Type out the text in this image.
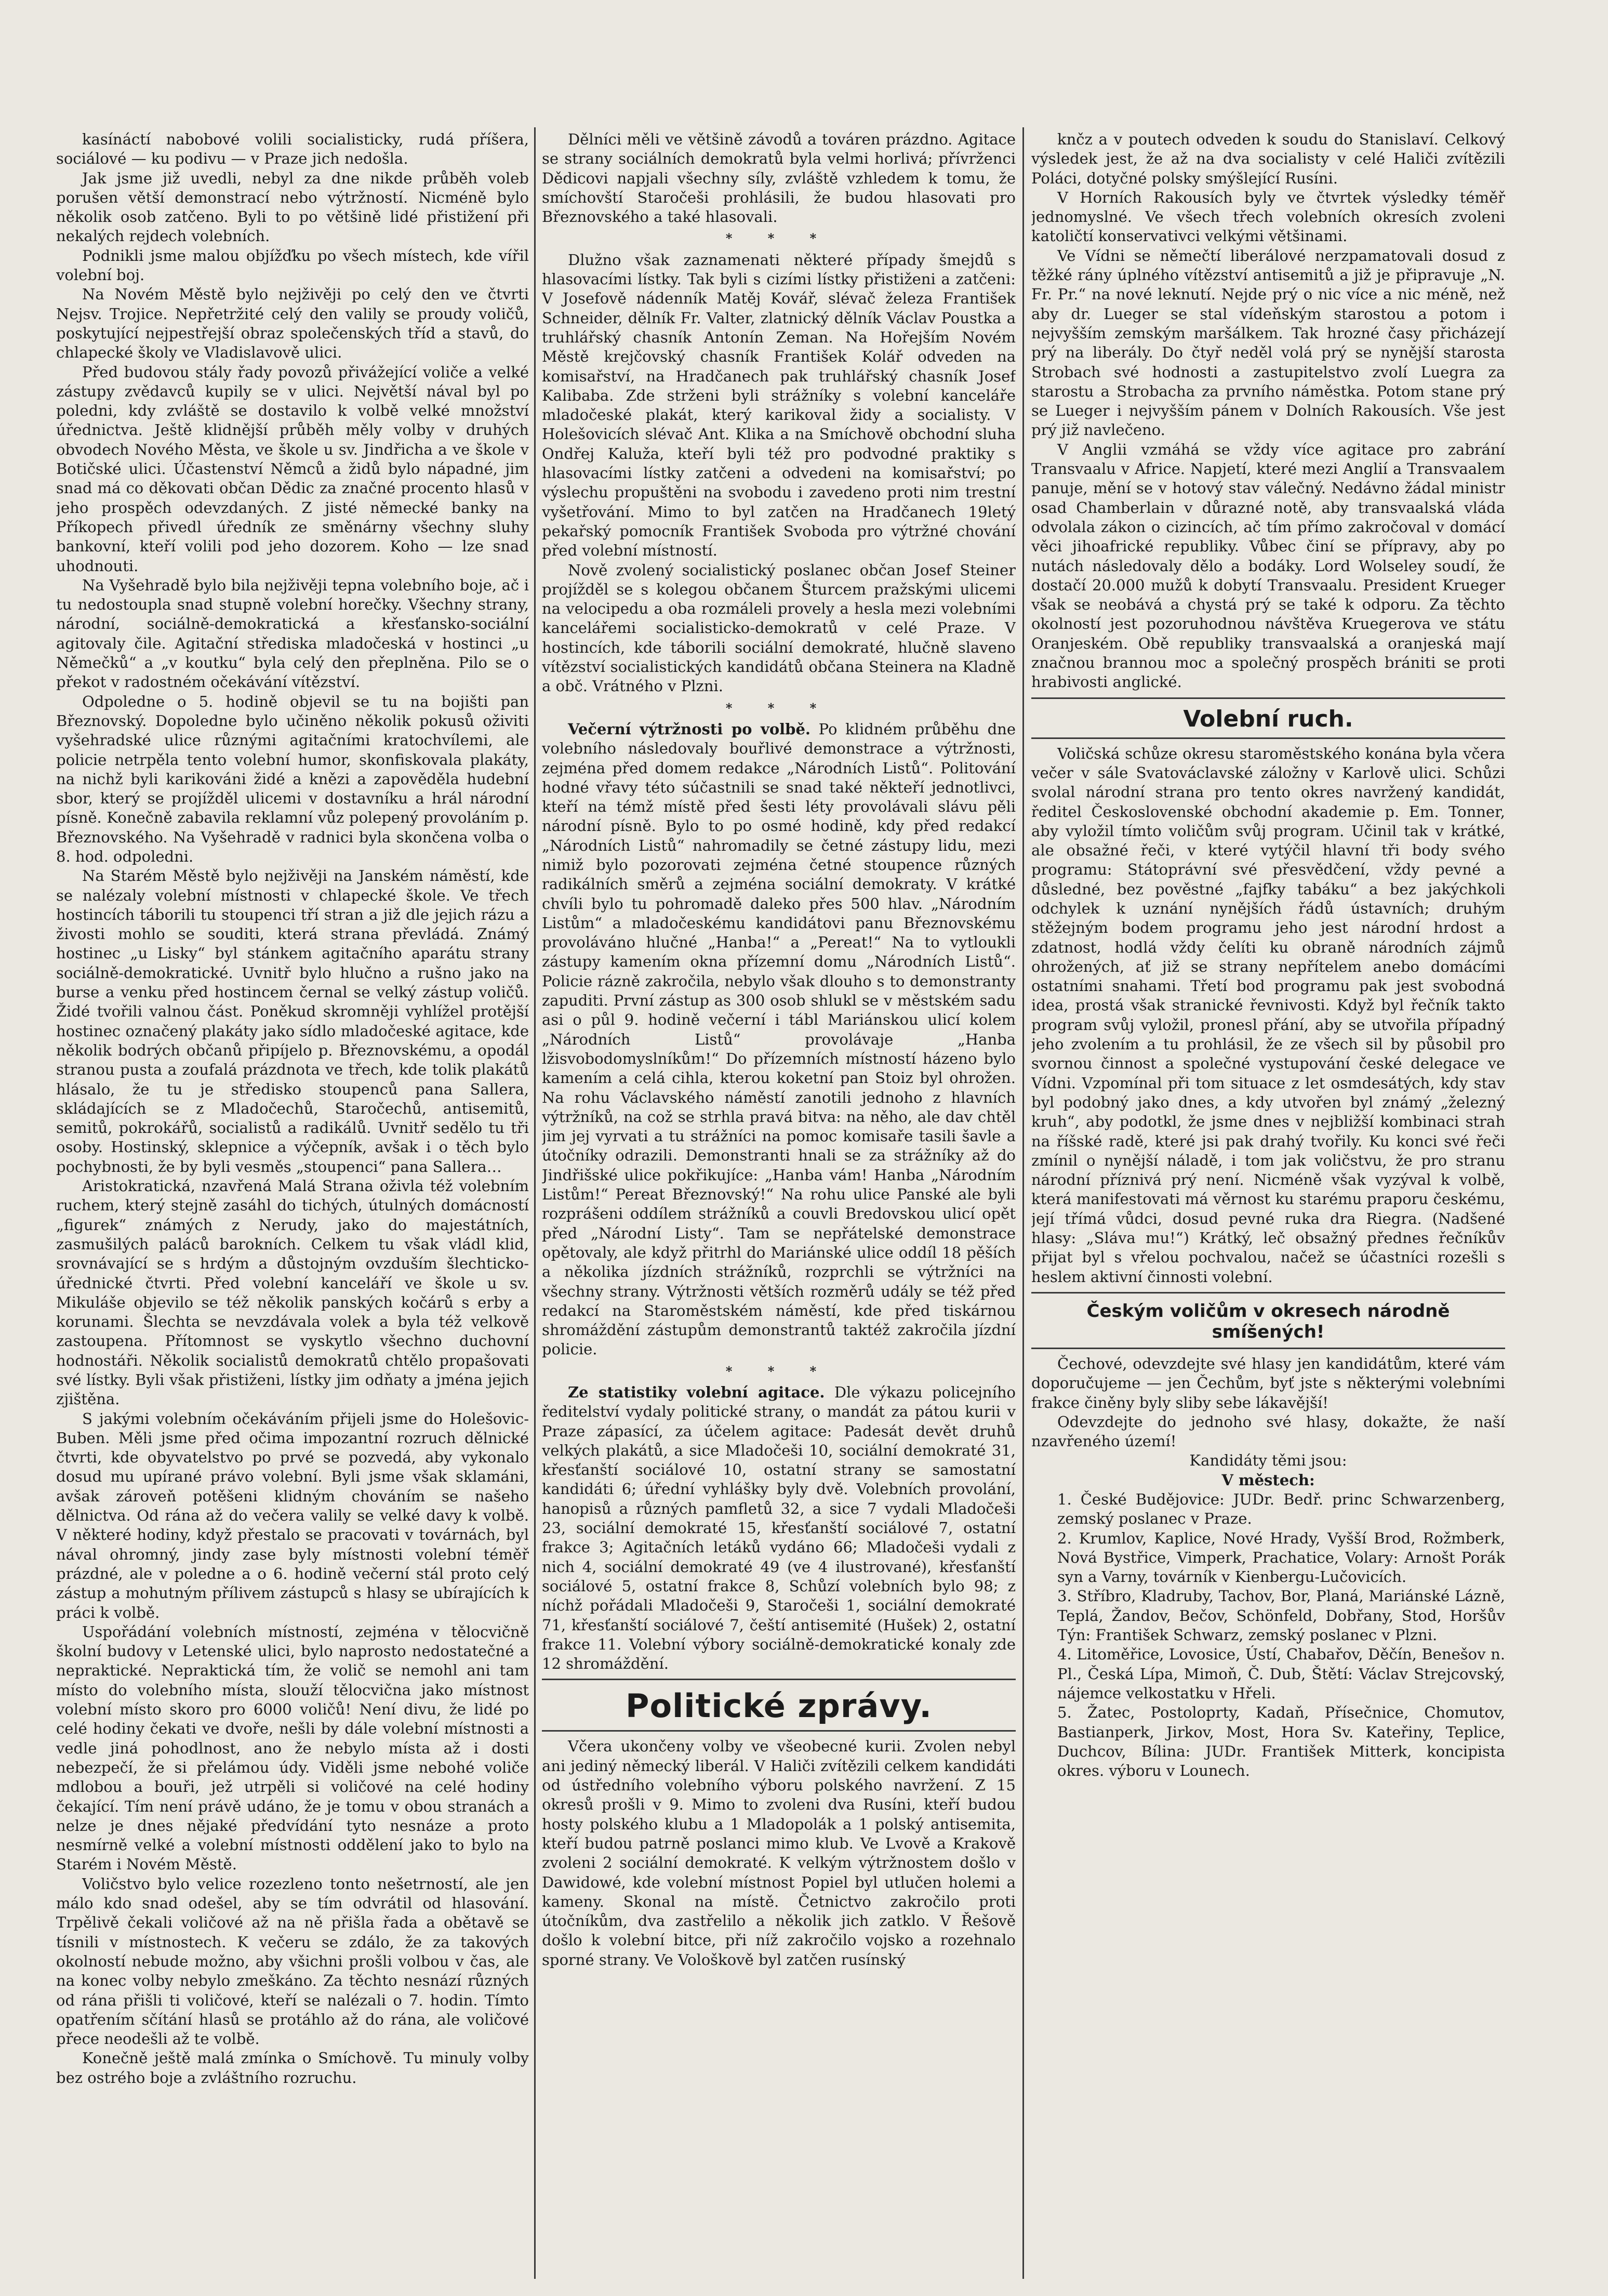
kasínáctí nabobové volili socialisticky, rudá příšera, sociálové — ku podivu — v Praze jich nedošla.

Jak jsme již uvedli, nebyl za dne nikde průběh voleb porušen větší demonstrací nebo výtržností. Nicméně bylo několik osob zatčeno. Byli to po většině lidé přistižení při nekalých rejdech volebních.

Podnikli jsme malou objížďku po všech místech, kde vířil volební boj.

Na Novém Městě bylo nejživěji po celý den ve čtvrti Nejsv. Trojice. Nepřetržité celý den valily se proudy voličů, poskytující nejpestřejší obraz společenských tříd a stavů, do chlapecké školy ve Vladislavově ulici.

Před budovou stály řady povozů přivážející voliče a velké zástupy zvědavců kupily se v ulici. Největší nával byl po poledni, kdy zvláště se dostavilo k volbě velké množství úřednictva. Ještě klidnější průběh měly volby v druhých obvodech Nového Města, ve škole u sv. Jindřicha a ve škole v Botičské ulici. Účastenství Němců a židů bylo nápadné, jim snad má co děkovati občan Dědic za značné procento hlasů v jeho prospěch odevzdaných. Z jisté německé banky na Příkopech přivedl úředník ze směnárny všechny sluhy bankovní, kteří volili pod jeho dozorem. Koho — lze snad uhodnouti.

Na Vyšehradě bylo bila nejživěji tepna volebního boje, ač i tu nedostoupla snad stupně volební horečky. Všechny strany, národní, sociálně-demokratická a křesťansko-sociální agitovaly čile. Agitační střediska mladočeská v hostinci „u Němečků“ a „v koutku“ byla celý den přeplněna. Pilo se o překot v radostném očekávání vítězství.

Odpoledne o 5. hodině objevil se tu na bojišti pan Březnovský. Dopoledne bylo učiněno několik pokusů oživiti vyšehradské ulice různými agitačními kratochvílemi, ale policie netrpěla tento volební humor, skonfiskovala plakáty, na nichž byli karikováni židé a knězi a zapověděla hudební sbor, který se projížděl ulicemi v dostavníku a hrál národní písně. Konečně zabavila reklamní vůz polepený provoláním p. Březnovského. Na Vyšehradě v radnici byla skončena volba o 8. hod. odpoledni.

Na Starém Městě bylo nejživěji na Janském náměstí, kde se nalézaly volební místnosti v chlapecké škole. Ve třech hostincích táborili tu stoupenci tří stran a již dle jejich rázu a živosti mohlo se souditi, která strana převládá. Známý hostinec „u Lisky“ byl stánkem agitačního aparátu strany sociálně-demokratické. Uvnitř bylo hlučno a rušno jako na burse a venku před hostincem černal se velký zástup voličů. Židé tvořili valnou část. Poněkud skromněji vyhlížel protější hostinec označený plakáty jako sídlo mladočeské agitace, kde několik bodrých občanů připíjelo p. Březnovskému, a opodál stranou pusta a zoufalá prázdnota ve třech, kde tolik plakátů hlásalo, že tu je středisko stoupenců pana Sallera, skládajících se z Mladočechů, Staročechů, antisemitů, semitů, pokrokářů, socialistů a radikálů. Uvnitř sedělo tu tři osoby. Hostinský, sklepnice a výčepník, avšak i o těch bylo pochybnosti, že by byli vesměs „stoupenci“ pana Sallera…

Aristokratická, nzavřená Malá Strana oživla též volebním ruchem, který stejně zasáhl do tichých, útulných domácností „figurek“ známých z Nerudy, jako do majestátních, zasmušilých paláců barokních. Celkem tu však vládl klid, srovnávající se s hrdým a důstojným ovzduším šlechticko-úřednické čtvrti. Před volební kanceláří ve škole u sv. Mikuláše objevilo se též několik panských kočárů s erby a korunami. Šlechta se nevzdávala volek a byla též velkově zastoupena. Přítomnost se vyskytlo všechno duchovní hodnostáři. Několik socialistů demokratů chtělo propašovati své lístky. Byli však přistiženi, lístky jim odňaty a jména jejich zjištěna.

S jakými volebním očekáváním přijeli jsme do Holešovic-Buben. Měli jsme před očima impozantní rozruch dělnické čtvrti, kde obyvatelstvo po prvé se pozvedá, aby vykonalo dosud mu upírané právo volební. Byli jsme však sklamáni, avšak zároveň potěšeni klidným chováním se našeho dělnictva. Od rána až do večera valily se velké davy k volbě. V některé hodiny, když přestalo se pracovati v továrnách, byl nával ohromný, jindy zase byly místnosti volební téměř prázdné, ale v poledne a o 6. hodině večerní stál proto celý zástup a mohutným přílivem zástupců s hlasy se ubírajících k práci k volbě.

Uspořádání volebních místností, zejména v tělocvičně školní budovy v Letenské ulici, bylo naprosto nedostatečné a nepraktické. Nepraktická tím, že volič se nemohl ani tam místo do volebního místa, slouží tělocvična jako místnost volební místo skoro pro 6000 voličů! Není divu, že lidé po celé hodiny čekati ve dvoře, nešli by dále volební místnosti a vedle jiná pohodlnost, ano že nebylo místa až i dosti nebezpečí, že si přelámou údy. Viděli jsme nebohé voliče mdlobou a bouři, jež utrpěli si voličové na celé hodiny čekající. Tím není právě udáno, že je tomu v obou stranách a nelze je dnes nějaké předvídání tyto nesnáze a proto nesmírně velké a volební místnosti oddělení jako to bylo na Starém i Novém Městě.

Voličstvo bylo velice rozezleno tonto nešetrností, ale jen málo kdo snad odešel, aby se tím odvrátil od hlasování. Trpělivě čekali voličové až na ně přišla řada a obětavě se tísnili v místnostech. K večeru se zdálo, že za takových okolností nebude možno, aby všichni prošli volbou v čas, ale na konec volby nebylo zmeškáno. Za těchto nesnází různých od rána přišli ti voličové, kteří se nalézali o 7. hodin. Tímto opatřením sčítání hlasů se protáhlo až do rána, ale voličové přece neodešli až te volbě.

Konečně ještě malá zmínka o Smíchově. Tu minuly volby bez ostrého boje a zvláštního rozruchu.

Dělníci měli ve většině závodů a továren prázdno. Agitace se strany sociálních demokratů byla velmi horlivá; přívrženci Dědicovi napjali všechny síly, zvláště vzhledem k tomu, že smíchovští Staročeši prohlásili, že budou hlasovati pro Březnovského a také hlasovali.

* * *

Dlužno však zaznamenati některé případy šmejdů s hlasovacími lístky. Tak byli s cizími lístky přistiženi a zatčeni: V Josefově nádenník Matěj Kovář, slévač železa František Schneider, dělník Fr. Valter, zlatnický dělník Václav Poustka a truhlářský chasník Antonín Zeman. Na Hořejším Novém Městě krejčovský chasník František Kolář odveden na komisařství, na Hradčanech pak truhlářský chasník Josef Kalibaba. Zde strženi byli strážníky s volební kanceláře mladočeské plakát, který karikoval židy a socialisty. V Holešovicích slévač Ant. Klika a na Smíchově obchodní sluha Ondřej Kaluža, kteří byli též pro podvodné praktiky s hlasovacími lístky zatčeni a odvedeni na komisařství; po výslechu propuštěni na svobodu i zavedeno proti nim trestní vyšetřování. Mimo to byl zatčen na Hradčanech 19letý pekařský pomocník František Svoboda pro výtržné chování před volební místností.

Nově zvolený socialistický poslanec občan Josef Steiner projížděl se s kolegou občanem Šturcem pražskými ulicemi na velocipedu a oba rozmáleli provely a hesla mezi volebními kancelářemi socialisticko-demokratů v celé Praze. V hostincích, kde táborili sociální demokraté, hlučně slaveno vítězství socialistických kandidátů občana Steinera na Kladně a obč. Vrátného v Plzni.

* * *

Večerní výtržnosti po volbě. Po klidném průběhu dne volebního následovaly bouřlivé demonstrace a výtržnosti, zejména před domem redakce „Národních Listů“. Politování hodné vřavy této súčastnili se snad také někteří jednotlivci, kteří na témž místě před šesti léty provolávali slávu pěli národní písně. Bylo to po osmé hodině, kdy před redakcí „Národních Listů“ nahromadily se četné zástupy lidu, mezi nimiž bylo pozorovati zejména četné stoupence různých radikálních směrů a zejména sociální demokraty. V krátké chvíli bylo tu pohromadě daleko přes 500 hlav. „Národním Listům“ a mladočeskému kandidátovi panu Březnovskému provoláváno hlučné „Hanba!“ a „Pereat!“ Na to vytloukli zástupy kamením okna přízemní domu „Národních Listů“. Policie rázně zakročila, nebylo však dlouho s to demonstranty zapuditi. První zástup as 300 osob shlukl se v městském sadu asi o půl 9. hodině večerní i tábl Mariánskou ulicí kolem „Národních Listů“ provolávaje „Hanba lžisvobodomyslníkům!“ Do přízemních místností házeno bylo kamením a celá cihla, kterou koketní pan Stoiz byl ohrožen. Na rohu Václavského náměstí zanotili jednoho z hlavních výtržníků, na což se strhla pravá bitva: na něho, ale dav chtěl jim jej vyrvati a tu strážníci na pomoc komisaře tasili šavle a útočníky odrazili. Demonstranti hnali se za strážníky až do Jindřišské ulice pokřikujíce: „Hanba vám! Hanba „Národním Listům!“ Pereat Březnovský!“ Na rohu ulice Panské ale byli rozprášeni oddílem strážníků a couvli Bredovskou ulicí opět před „Národní Listy“. Tam se nepřátelské demonstrace opětovaly, ale když přitrhl do Mariánské ulice oddíl 18 pěších a několika jízdních strážníků, rozprchli se výtržníci na všechny strany. Výtržnosti větších rozměrů udály se též před redakcí na Staroměstském náměstí, kde před tiskárnou shromáždění zástupům demonstrantů taktéž zakročila jízdní policie.

* * *

Ze statistiky volební agitace. Dle výkazu policejního ředitelství vydaly politické strany, o mandát za pátou kurii v Praze zápasící, za účelem agitace: Padesát devět druhů velkých plakátů, a sice Mladočeši 10, sociální demokraté 31, křesťanští sociálové 10, ostatní strany se samostatní kandidáti 6; úřední vyhlášky byly dvě. Volebních provolání, hanopisů a různých pamfletů 32, a sice 7 vydali Mladočeši 23, sociální demokraté 15, křesťanští sociálové 7, ostatní frakce 3; Agitačních letáků vydáno 66; Mladočeši vydali z nich 4, sociální demokraté 49 (ve 4 ilustrované), křesťanští sociálové 5, ostatní frakce 8, Schůzí volebních bylo 98; z níchž pořádali Mladočeši 9, Staročeši 1, sociální demokraté 71, křesťanští sociálové 7, čeští antisemité (Hušek) 2, ostatní frakce 11. Volební výbory sociálně-demokratické konaly zde 12 shromáždění.

Politické zprávy.

Včera ukončeny volby ve všeobecné kurii. Zvolen nebyl ani jediný německý liberál. V Haliči zvítězili celkem kandidáti od ústředního volebního výboru polského navržení. Z 15 okresů prošli v 9. Mimo to zvoleni dva Rusíni, kteří budou hosty polského klubu a 1 Mladopolák a 1 polský antisemita, kteří budou patrně poslanci mimo klub. Ve Lvově a Krakově zvoleni 2 sociální demokraté. K velkým výtržnostem došlo v Dawidowé, kde volební místnost Popiel byl utlučen holemi a kameny. Skonal na místě. Četnictvo zakročilo proti útočníkům, dva zastřelilo a několik jich zatklo. V Řešově došlo k volební bitce, při níž zakročilo vojsko a rozehnalo sporné strany. Ve Vološkově byl zatčen rusínský

knčz a v poutech odveden k soudu do Stanislaví. Celkový výsledek jest, že až na dva socialisty v celé Haliči zvítězili Poláci, dotyčné polsky smýšlející Rusíni.

V Horních Rakousích byly ve čtvrtek výsledky téměř jednomyslné. Ve všech třech volebních okresích zvoleni katoličtí konservativci velkými většinami.

Ve Vídni se němečtí liberálové nerzpamatovali dosud z těžké rány úplného vítězství antisemitů a již je připravuje „N. Fr. Pr.“ na nové leknutí. Nejde prý o nic více a nic méně, než aby dr. Lueger se stal vídeňským starostou a potom i nejvyšším zemským maršálkem. Tak hrozné časy přicházejí prý na liberály. Do čtyř neděl volá prý se nynější starosta Strobach své hodnosti a zastupitelstvo zvolí Luegra za starostu a Strobacha za prvního náměstka. Potom stane prý se Lueger i nejvyšším pánem v Dolních Rakousích. Vše jest prý již navlečeno.

V Anglii vzmáhá se vždy více agitace pro zabrání Transvaalu v Africe. Napjetí, které mezi Anglií a Transvaalem panuje, mění se v hotový stav válečný. Nedávno žádal ministr osad Chamberlain v důrazné notě, aby transvaalská vláda odvolala zákon o cizincích, ač tím přímo zakročoval v domácí věci jihoafrické republiky. Vůbec činí se přípravy, aby po nutách následovaly dělo a bodáky. Lord Wolseley soudí, že dostačí 20.000 mužů k dobytí Transvaalu. President Krueger však se neobává a chystá prý se také k odporu. Za těchto okolností jest pozoruhodnou návštěva Kruegerova ve státu Oranjeském. Obě republiky transvaalská a oranjeská mají značnou brannou moc a společný prospěch brániti se proti hrabivosti anglické.

Volební ruch.

Voličská schůze okresu staroměstského konána byla včera večer v sále Svatováclavské záložny v Karlově ulici. Schůzi svolal národní strana pro tento okres navržený kandidát, ředitel Československé obchodní akademie p. Em. Tonner, aby vyložil tímto voličům svůj program. Učinil tak v krátké, ale obsažné řeči, v které vytýčil hlavní tři body svého programu: Státoprávní své přesvědčení, vždy pevné a důsledné, bez pověstné „fajfky tabáku“ a bez jakýchkoli odchylek k uznání nynějších řádů ústavních; druhým stěžejným bodem programu jeho jest národní hrdost a zdatnost, hodlá vždy čelíti ku obraně národních zájmů ohrožených, ať již se strany nepřítelem anebo domácími ostatními snahami. Třetí bod programu pak jest svobodná idea, prostá však stranické řevnivosti. Když byl řečník takto program svůj vyložil, pronesl přání, aby se utvořila případný jeho zvolením a tu prohlásil, že ze všech sil by působil pro svornou činnost a společné vystupování české delegace ve Vídni. Vzpomínal při tom situace z let osmdesátých, kdy stav byl podobný jako dnes, a kdy utvořen byl známý „železný kruh“, aby podotkl, že jsme dnes v nejbližší kombinaci strah na říšské radě, které jsi pak drahý tvořily. Ku konci své řeči zmínil o nynější náladě, i tom jak voličstvu, že pro stranu národní příznivá prý není. Nicméně však vyzýval k volbě, která manifestovati má věrnost ku starému praporu českému, její třímá vůdci, dosud pevné ruka dra Riegra. (Nadšené hlasy: „Sláva mu!“) Krátký, leč obsažný přednes řečníkův přijat byl s vřelou pochvalou, načež se účastníci rozešli s heslem aktivní činnosti volební.

Českým voličům v okresech národně smíšených!

Čechové, odevzdejte své hlasy jen kandidátům, které vám doporučujeme — jen Čechům, byť jste s některými volebními frakce činěny byly sliby sebe lákavější!

Odevzdejte do jednoho své hlasy, dokažte, že naší nzavřeného území!

Kandidáty těmi jsou:

V městech:

1. České Budějovice: JUDr. Bedř. princ Schwarzenberg, zemský poslanec v Praze.

2. Krumlov, Kaplice, Nové Hrady, Vyšší Brod, Rožmberk, Nová Bystřice, Vimperk, Prachatice, Volary: Arnošt Porák syn a Varny, továrník v Kienbergu-Lučovicích.

3. Stříbro, Kladruby, Tachov, Bor, Planá, Mariánské Lázně, Teplá, Žandov, Bečov, Schönfeld, Dobřany, Stod, Horšův Týn: František Schwarz, zemský poslanec v Plzni.

4. Litoměřice, Lovosice, Ústí, Chabařov, Děčín, Benešov n. Pl., Česká Lípa, Mimoň, Č. Dub, Štětí: Václav Strejcovský, nájemce velkostatku v Hřeli.

5. Žatec, Postoloprty, Kadaň, Přísečnice, Chomutov, Bastianperk, Jirkov, Most, Hora Sv. Kateřiny, Teplice, Duchcov, Bílina: JUDr. František Mitterk, koncipista okres. výboru v Lounech.
